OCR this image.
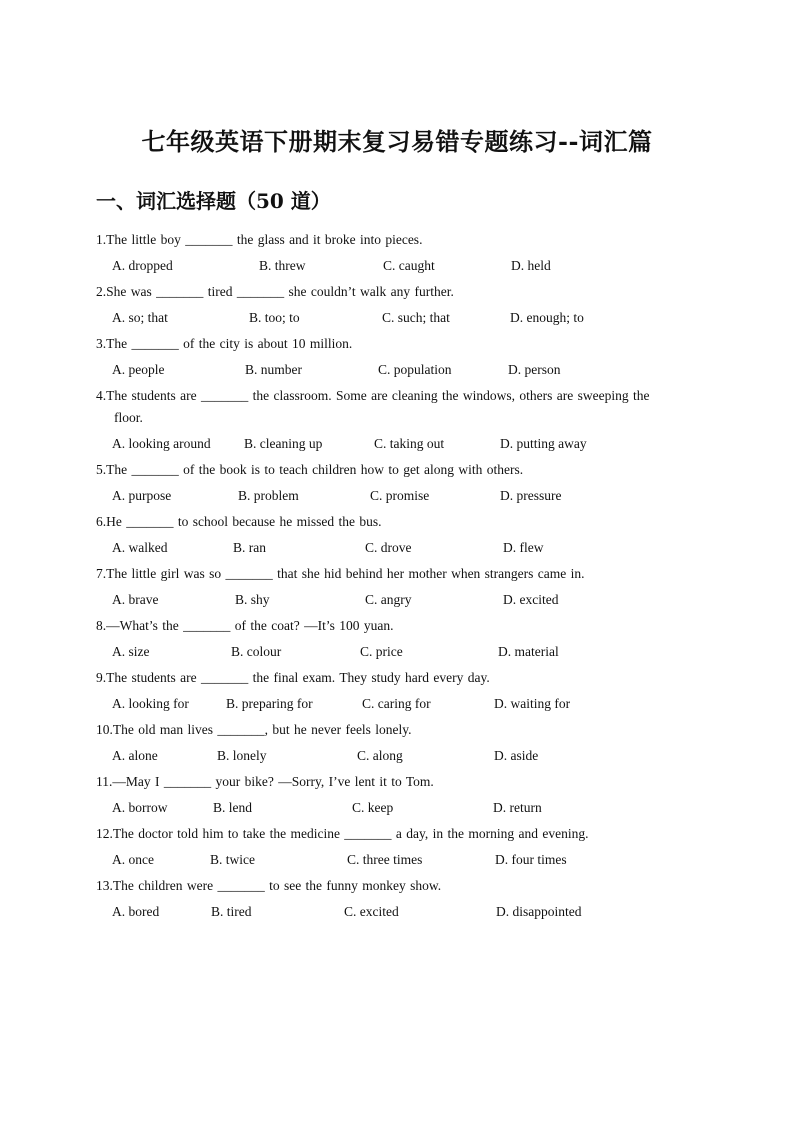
七年级英语下册期末复习易错专题练习--词汇篇
一、词汇选择题（50 道）
1.The little boy _______ the glass and it broke into pieces.
A. dropped	B. threw	C. caught	D. held
2.She was _______ tired _______ she couldn’t walk any further.
A. so; that	B. too; to	C. such; that	D. enough; to
3.The _______ of the city is about 10 million.
A. people	B. number	C. population	D. person
4.The students are _______ the classroom. Some are cleaning the windows, others are sweeping the floor.
A. looking around	B. cleaning up	C. taking out	D. putting away
5.The _______ of the book is to teach children how to get along with others.
A. purpose	B. problem	C. promise	D. pressure
6.He _______ to school because he missed the bus.
A. walked	B. ran	C. drove	D. flew
7.The little girl was so _______ that she hid behind her mother when strangers came in.
A. brave	B. shy	C. angry	D. excited
8.—What’s the _______ of the coat? —It’s 100 yuan.
A. size	B. colour	C. price	D. material
9.The students are _______ the final exam. They study hard every day.
A. looking for	B. preparing for	C. caring for	D. waiting for
10.The old man lives _______, but he never feels lonely.
A. alone	B. lonely	C. along	D. aside
11.—May I _______ your bike? —Sorry, I’ve lent it to Tom.
A. borrow	B. lend	C. keep	D. return
12.The doctor told him to take the medicine _______ a day, in the morning and evening.
A. once	B. twice	C. three times	D. four times
13.The children were _______ to see the funny monkey show.
A. bored	B. tired	C. excited	D. disappointed
